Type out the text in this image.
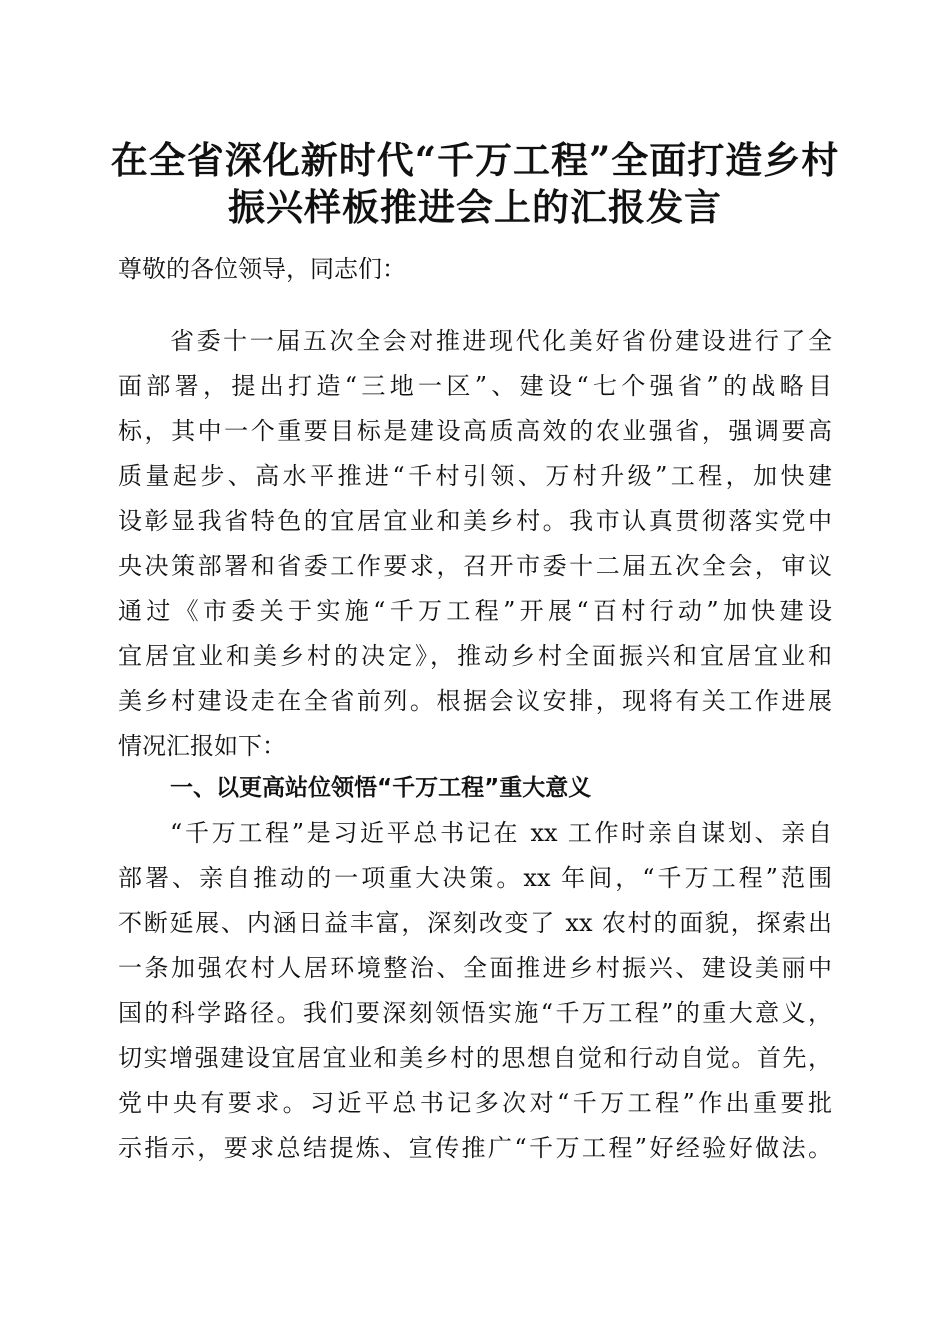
在全省深化新时代“千万工程”全面打造乡村
振兴样板推进会上的汇报发言
尊敬的各位领导，同志们：
省委十一届五次全会对推进现代化美好省份建设进行了全
面部署，提出打造“三地一区”、建设“七个强省”的战略目
标，其中一个重要目标是建设高质高效的农业强省，强调要高
质量起步、高水平推进“千村引领、万村升级”工程，加快建
设彰显我省特色的宜居宜业和美乡村。我市认真贯彻落实党中
央决策部署和省委工作要求，召开市委十二届五次全会，审议
通过《市委关于实施“千万工程”开展“百村行动”加快建设
宜居宜业和美乡村的决定》，推动乡村全面振兴和宜居宜业和
美乡村建设走在全省前列。根据会议安排，现将有关工作进展
情况汇报如下：
一、以更高站位领悟“千万工程”重大意义
“千万工程”是习近平总书记在 xx 工作时亲自谋划、亲自
部署、亲自推动的一项重大决策。xx 年间，“千万工程”范围
不断延展、内涵日益丰富，深刻改变了 xx 农村的面貌，探索出
一条加强农村人居环境整治、全面推进乡村振兴、建设美丽中
国的科学路径。我们要深刻领悟实施“千万工程”的重大意义，
切实增强建设宜居宜业和美乡村的思想自觉和行动自觉。首先，
党中央有要求。习近平总书记多次对“千万工程”作出重要批
示指示，要求总结提炼、宣传推广“千万工程”好经验好做法。
